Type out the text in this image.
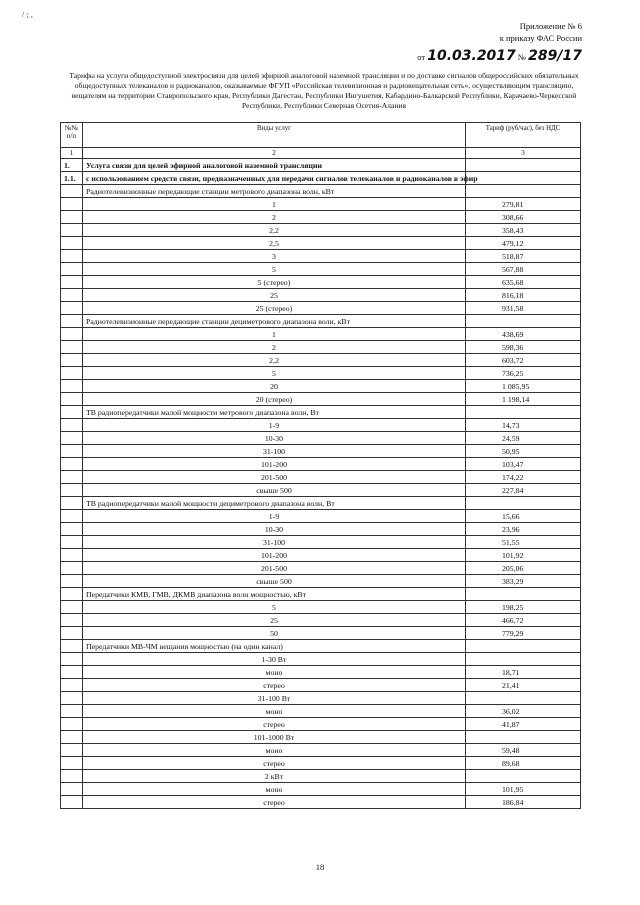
/ ⁏ ,
Приложение № 6
к приказу ФАС России
от 10.03.2017 № 289/17
Тарифы на услуги общедоступной электросвязи для целей эфирной аналоговой наземной трансляции и по доставке сигналов общероссийских обязательных общедоступных телеканалов и радиоканалов, оказываемые ФГУП «Российская телевизионная и радиовещательная сеть», осуществляющим трансляцию, вещателям на территории Ставропольского края, Республики Дагестан, Республики Ингушетия, Кабардино-Балкарской Республики, Карачаево-Черкесской Республики, Республики Северная Осетия-Алания
№№ п/п	Виды услуг	Тариф (руб/час), без НДС
1	2	3
1.	Услуга связи для целей эфирной аналоговой наземной трансляции	
1.1.	с использованием средств связи, предназначенных для передачи сигналов телеканалов и радиоканалов в эфир	
	Радиотелевизионные передающие станции метрового диапазона волн, кВт	
	1	279,81
	2	308,66
	2,2	358,43
	2,5	479,12
	3	518,87
	5	567,88
	5 (стерео)	635,68
	25	816,18
	25 (стерео)	931,58
	Радиотелевизионные передающие станции дециметрового диапазона волн, кВт	
	1	438,69
	2	598,36
	2,2	603,72
	5	736,25
	20	1 085,95
	20 (стерео)	1 198,14
	ТВ радиопередатчики малой мощности метрового диапазона волн, Вт	
	1-9	14,73
	10-30	24,59
	31-100	50,95
	101-200	103,47
	201-500	174,22
	свыше 500	227,84
	ТВ радиопередатчики малой мощности дециметрового диапазона волн, Вт	
	1-9	15,66
	10-30	23,96
	31-100	51,55
	101-200	101,92
	201-500	205,06
	свыше 500	383,29
	Передатчики КМВ, ГМВ, ДКМВ диапазона волн мощностью, кВт	
	5	198,25
	25	466,72
	50	779,29
	Передатчики МВ-ЧМ вещания мощностью (на один канал)	
	1-30 Вт	
	моно	18,71
	стерео	21,41
	31-100 Вт	
	моно	36,02
	стерео	41,87
	101-1000 Вт	
	моно	59,48
	стерео	89,68
	2 кВт	
	моно	101,95
	стерео	186,84
18
